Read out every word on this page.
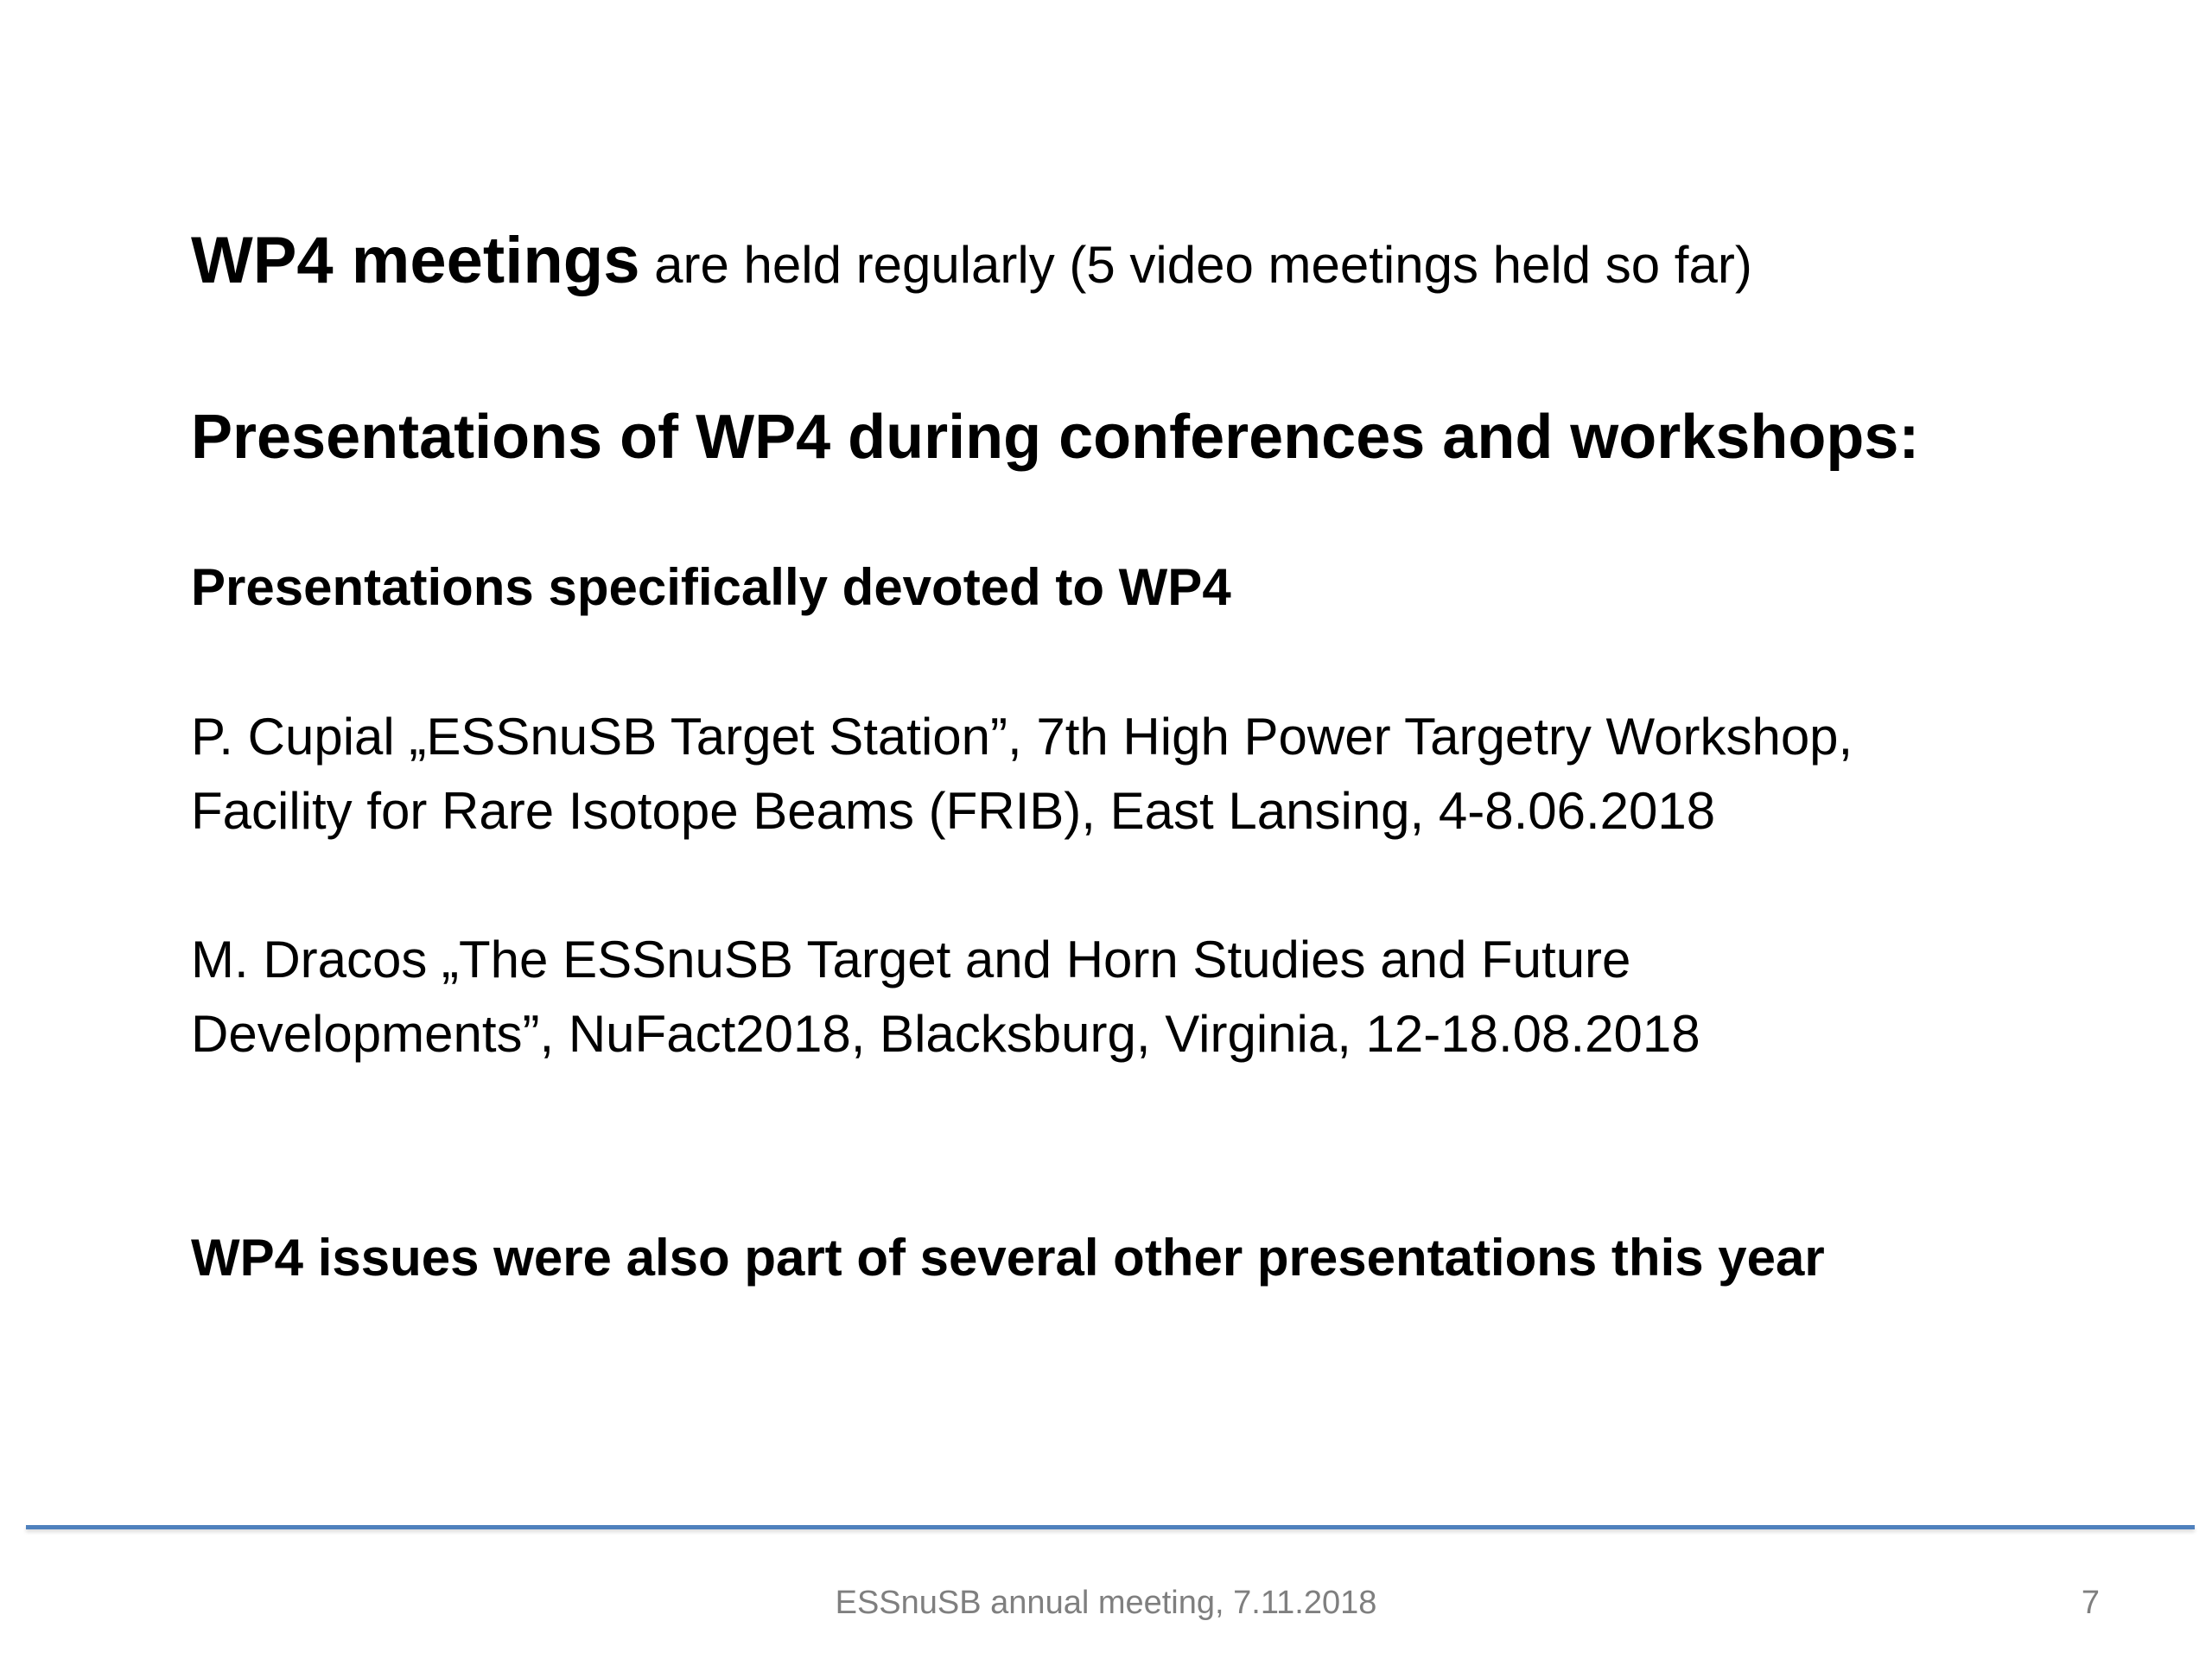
WP4 meetings are held regularly (5 video meetings held so far)
Presentations of WP4 during conferences and workshops:
Presentations specifically devoted to WP4
P. Cupial „ESSnuSB Target Station”, 7th High Power Targetry Workshop,
Facility for Rare Isotope Beams (FRIB), East Lansing, 4-8.06.2018
M. Dracos „The ESSnuSB Target and Horn Studies and Future
Developments”, NuFact2018, Blacksburg, Virginia, 12-18.08.2018
WP4 issues were also part of several other presentations this year
ESSnuSB annual meeting, 7.11.2018	7
